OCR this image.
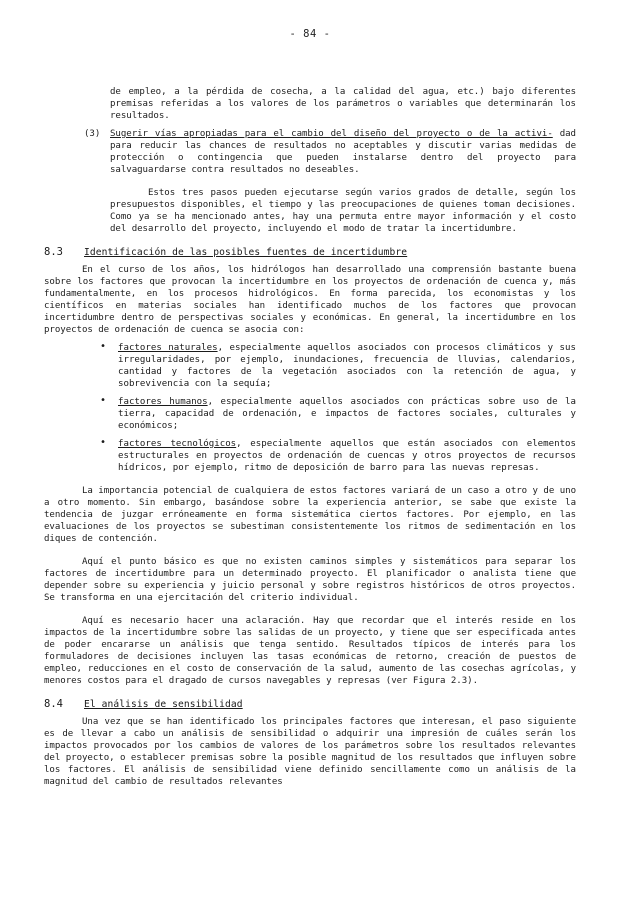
- 84 -
de empleo, a la pérdida de cosecha, a la calidad del agua, etc.) bajo diferentes premisas referidas a los valores de los parámetros o variables que determinarán los resultados.
(3) Sugerir vías apropiadas para el cambio del diseño del proyecto o de la activi- dad para reducir las chances de resultados no aceptables y discutir varias medidas de protección o contingencia que pueden instalarse dentro del proyecto para salvaguardarse contra resultados no deseables.
Estos tres pasos pueden ejecutarse según varios grados de detalle, según los presupuestos disponibles, el tiempo y las preocupaciones de quienes toman decisiones. Como ya se ha mencionado antes, hay una permuta entre mayor información y el costo del desarrollo del proyecto, incluyendo el modo de tratar la incertidumbre.
8.3	Identificación de las posibles fuentes de incertidumbre
En el curso de los años, los hidrólogos han desarrollado una comprensión bastante buena sobre los factores que provocan la incertidumbre en los proyectos de ordenación de cuenca y, más fundamentalmente, en los procesos hidrológicos. En forma parecida, los economistas y los científicos en materias sociales han identificado muchos de los factores que provocan incertidumbre dentro de perspectivas sociales y económicas. En general, la incertidumbre en los proyectos de ordenación de cuenca se asocia con:
• factores naturales, especialmente aquellos asociados con procesos climáticos y sus irregularidades, por ejemplo, inundaciones, frecuencia de lluvias, calendarios, cantidad y factores de la vegetación asociados con la retención de agua, y sobrevivencia con la sequía;
• factores humanos, especialmente aquellos asociados con prácticas sobre uso de la tierra, capacidad de ordenación, e impactos de factores sociales, culturales y económicos;
• factores tecnológicos, especialmente aquellos que están asociados con elementos estructurales en proyectos de ordenación de cuencas y otros proyectos de recursos hídricos, por ejemplo, ritmo de deposición de barro para las nuevas represas.
La importancia potencial de cualquiera de estos factores variará de un caso a otro y de uno a otro momento. Sin embargo, basándose sobre la experiencia anterior, se sabe que existe la tendencia de juzgar erróneamente en forma sistemática ciertos factores. Por ejemplo, en las evaluaciones de los proyectos se subestiman consistentemente los ritmos de sedimentación en los diques de contención.
Aquí el punto básico es que no existen caminos simples y sistemáticos para separar los factores de incertidumbre para un determinado proyecto. El planificador o analista tiene que depender sobre su experiencia y juicio personal y sobre registros históricos de otros proyectos. Se transforma en una ejercitación del criterio individual.
Aquí es necesario hacer una aclaración. Hay que recordar que el interés reside en los impactos de la incertidumbre sobre las salidas de un proyecto, y tiene que ser especificada antes de poder encararse un análisis que tenga sentido. Resultados típicos de interés para los formuladores de decisiones incluyen las tasas económicas de retorno, creación de puestos de empleo, reducciones en el costo de conservación de la salud, aumento de las cosechas agrícolas, y menores costos para el dragado de cursos navegables y represas (ver Figura 2.3).
8.4	El análisis de sensibilidad
Una vez que se han identificado los principales factores que interesan, el paso siguiente es de llevar a cabo un análisis de sensibilidad o adquirir una impresión de cuáles serán los impactos provocados por los cambios de valores de los parámetros sobre los resultados relevantes del proyecto, o establecer premisas sobre la posible magnitud de los resultados que influyen sobre los factores. El análisis de sensibilidad viene definido sencillamente como un análisis de la magnitud del cambio de resultados relevantes
